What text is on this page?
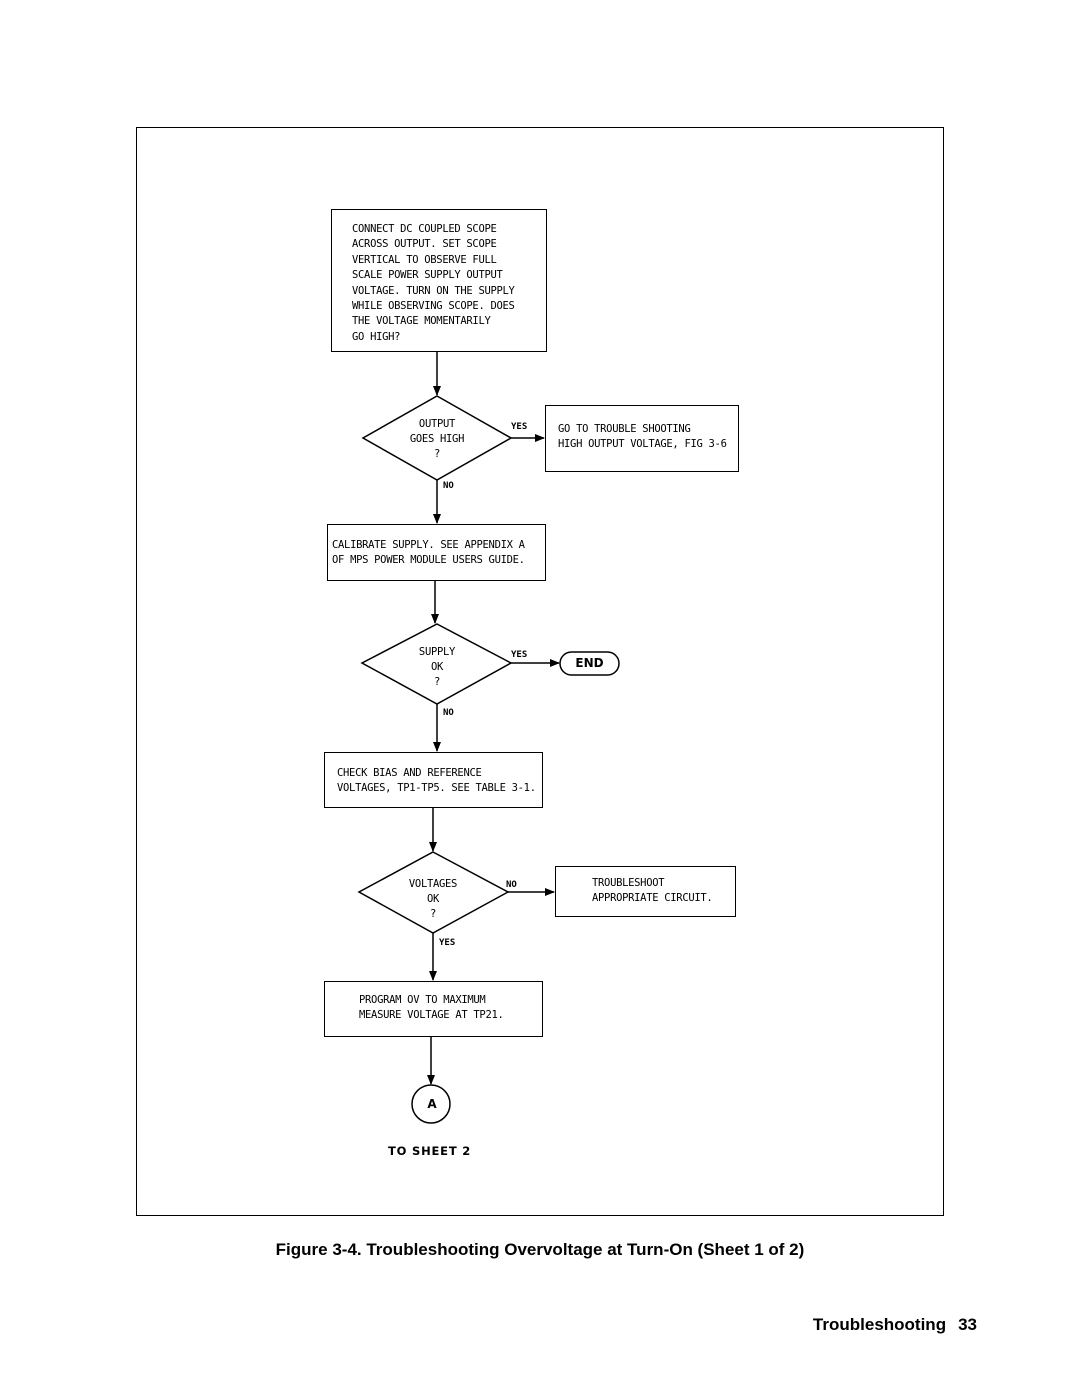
CONNECT DC COUPLED SCOPE
ACROSS OUTPUT. SET SCOPE
VERTICAL TO OBSERVE FULL
SCALE POWER SUPPLY OUTPUT
VOLTAGE. TURN ON THE SUPPLY
WHILE OBSERVING SCOPE. DOES
THE VOLTAGE MOMENTARILY
GO HIGH?
OUTPUT
GOES HIGH
?
YES
NO
GO TO TROUBLE SHOOTING
HIGH OUTPUT VOLTAGE, FIG 3-6
CALIBRATE SUPPLY. SEE APPENDIX A
OF MPS POWER MODULE USERS GUIDE.
SUPPLY
OK
?
YES
NO
END
CHECK BIAS AND REFERENCE
VOLTAGES, TP1-TP5. SEE TABLE 3-1.
VOLTAGES
OK
?
NO
YES
TROUBLESHOOT
APPROPRIATE CIRCUIT.
PROGRAM OV TO MAXIMUM
MEASURE VOLTAGE AT TP21.
A
TO SHEET 2
Figure 3-4. Troubleshooting Overvoltage at Turn-On (Sheet 1 of 2)
Troubleshooting 33
